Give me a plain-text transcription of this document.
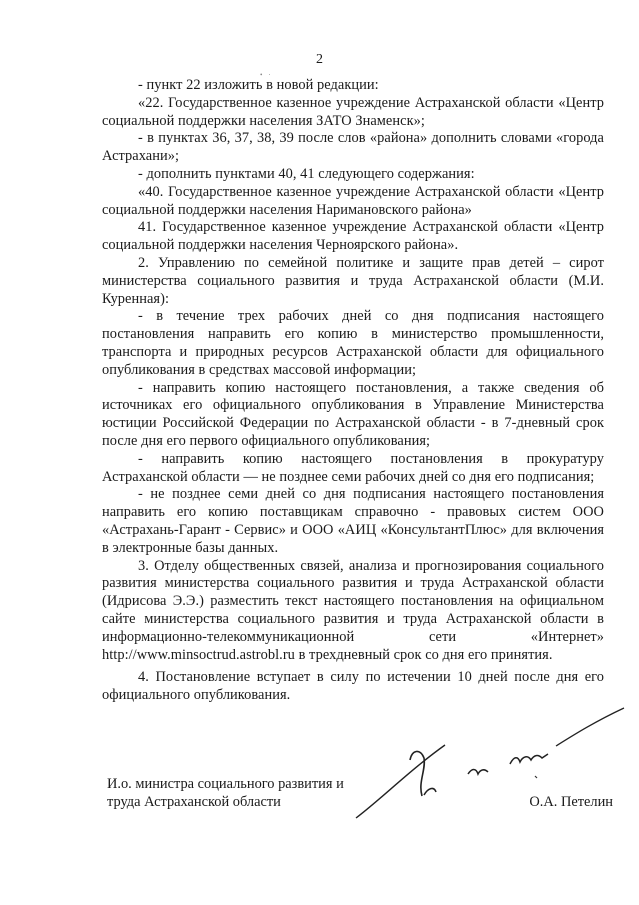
2
• ·

- пункт 22 изложить в новой редакции:

«22. Государственное казенное учреждение Астраханской области «Центр социальной поддержки населения ЗАТО Знаменск»;

- в пунктах 36, 37, 38, 39 после слов «района» дополнить словами «города Астрахани»;

- дополнить пунктами 40, 41 следующего содержания:

«40. Государственное казенное учреждение Астраханской области «Центр социальной поддержки населения Наримановского района»

41. Государственное казенное учреждение Астраханской области «Центр социальной поддержки населения Черноярского района».

2. Управлению по семейной политике и защите прав детей – сирот министерства социального развития и труда Астраханской области (М.И. Куренная):

- в течение трех рабочих дней со дня подписания настоящего постановления направить его копию в министерство промышленности, транспорта и природных ресурсов Астраханской области для официального опубликования в средствах массовой информации;

- направить копию настоящего постановления, а также сведения об источниках его официального опубликования в Управление Министерства юстиции Российской Федерации по Астраханской области - в 7-дневный срок после дня его первого официального опубликования;

- направить копию настоящего постановления в прокуратуру Астраханской области — не позднее семи рабочих дней со дня его подписания;

- не позднее семи дней со дня подписания настоящего постановления направить его копию поставщикам справочно - правовых систем ООО «Астрахань-Гарант - Сервис» и ООО «АИЦ «КонсультантПлюс» для включения в электронные базы данных.

3. Отделу общественных связей, анализа и прогнозирования социального развития министерства социального развития и труда Астраханской области (Идрисова Э.Э.) разместить текст настоящего постановления на официальном сайте министерства социального развития и труда Астраханской области в информационно-телекоммуникационной сети «Интернет» http://www.minsoctrud.astrobl.ru в трехдневный срок со дня его принятия.

4. Постановление вступает в силу по истечении 10 дней после дня его официального опубликования.

И.о. министра социального развития и
труда Астраханской области	О.А. Петелин
